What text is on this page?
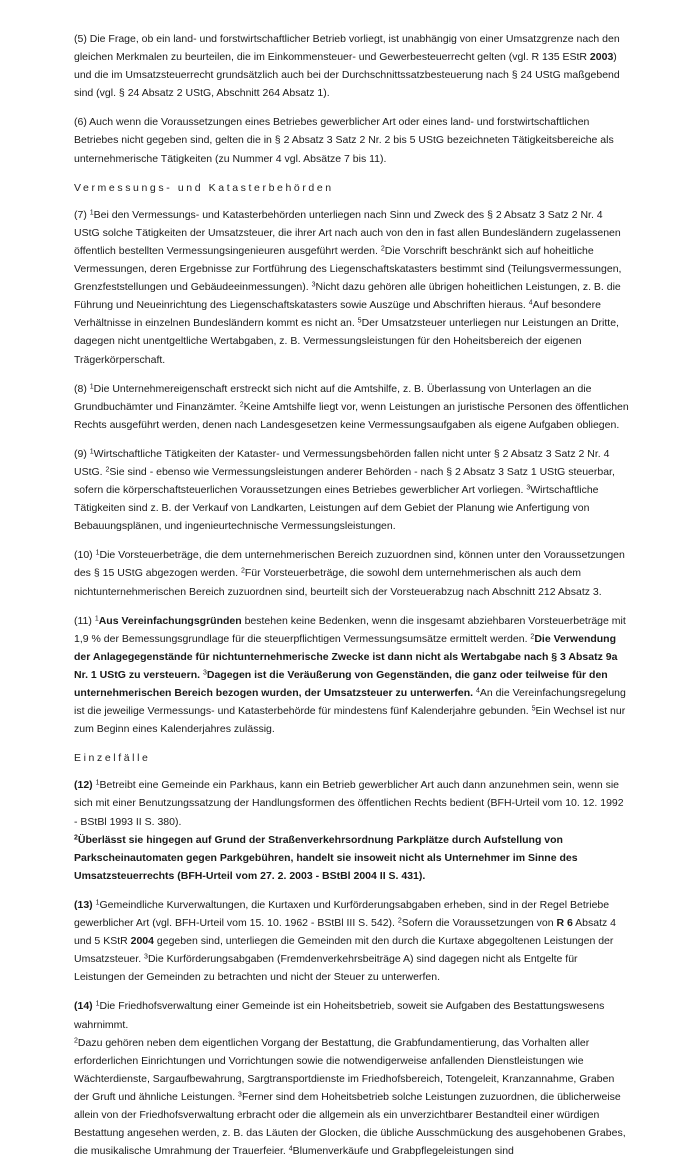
(5) Die Frage, ob ein land- und forstwirtschaftlicher Betrieb vorliegt, ist unabhängig von einer Umsatzgrenze nach den gleichen Merkmalen zu beurteilen, die im Einkommensteuer- und Gewerbesteuerrecht gelten (vgl. R 135 EStR 2003) und die im Umsatzsteuerrecht grundsätzlich auch bei der Durchschnittssatzbesteuerung nach § 24 UStG maßgebend sind (vgl. § 24 Absatz 2 UStG, Abschnitt 264 Absatz 1).

(6) Auch wenn die Voraussetzungen eines Betriebes gewerblicher Art oder eines land- und forstwirtschaftlichen Betriebes nicht gegeben sind, gelten die in § 2 Absatz 3 Satz 2 Nr. 2 bis 5 UStG bezeichneten Tätigkeitsbereiche als unternehmerische Tätigkeiten (zu Nummer 4 vgl. Absätze 7 bis 11).

Vermessungs- und Katasterbehörden

(7) $^1$Bei den Vermessungs- und Katasterbehörden unterliegen nach Sinn und Zweck des § 2 Absatz 3 Satz 2 Nr. 4 UStG solche Tätigkeiten der Umsatzsteuer, die ihrer Art nach auch von den in fast allen Bundesländern zugelassenen öffentlich bestellten Vermessungsingenieuren ausgeführt werden. $^2$Die Vorschrift beschränkt sich auf hoheitliche Vermessungen, deren Ergebnisse zur Fortführung des Liegenschaftskatasters bestimmt sind (Teilungsvermessungen, Grenzfeststellungen und Gebäudeeinmessungen). $^3$Nicht dazu gehören alle übrigen hoheitlichen Leistungen, z. B. die Führung und Neueinrichtung des Liegenschaftskatasters sowie Auszüge und Abschriften hieraus. $^4$Auf besondere Verhältnisse in einzelnen Bundesländern kommt es nicht an. $^5$Der Umsatzsteuer unterliegen nur Leistungen an Dritte, dagegen nicht unentgeltliche Wertabgaben, z. B. Vermessungsleistungen für den Hoheitsbereich der eigenen Trägerkörperschaft.

(8) $^1$Die Unternehmereigenschaft erstreckt sich nicht auf die Amtshilfe, z. B. Überlassung von Unterlagen an die Grundbuchämter und Finanzämter. $^2$Keine Amtshilfe liegt vor, wenn Leistungen an juristische Personen des öffentlichen Rechts ausgeführt werden, denen nach Landesgesetzen keine Vermessungsaufgaben als eigene Aufgaben obliegen.

(9) $^1$Wirtschaftliche Tätigkeiten der Kataster- und Vermessungsbehörden fallen nicht unter § 2 Absatz 3 Satz 2 Nr. 4 UStG. $^2$Sie sind - ebenso wie Vermessungsleistungen anderer Behörden - nach § 2 Absatz 3 Satz 1 UStG steuerbar, sofern die körperschaftsteuerlichen Voraussetzungen eines Betriebes gewerblicher Art vorliegen. $^3$Wirtschaftliche Tätigkeiten sind z. B. der Verkauf von Landkarten, Leistungen auf dem Gebiet der Planung wie Anfertigung von Bebauungsplänen, und ingenieurtechnische Vermessungsleistungen.

(10) $^1$Die Vorsteuerbeträge, die dem unternehmerischen Bereich zuzuordnen sind, können unter den Voraussetzungen des § 15 UStG abgezogen werden. $^2$Für Vorsteuerbeträge, die sowohl dem unternehmerischen als auch dem nichtunternehmerischen Bereich zuzuordnen sind, beurteilt sich der Vorsteuerabzug nach Abschnitt 212 Absatz 3.

(11) $^1$Aus Vereinfachungsgründen bestehen keine Bedenken, wenn die insgesamt abziehbaren Vorsteuerbeträge mit 1,9 % der Bemessungsgrundlage für die steuerpflichtigen Vermessungsumsätze ermittelt werden. $^2$Die Verwendung der Anlagegegenstände für nichtunternehmerische Zwecke ist dann nicht als Wertabgabe nach § 3 Absatz 9a Nr. 1 UStG zu versteuern. $^3$Dagegen ist die Veräußerung von Gegenständen, die ganz oder teilweise für den unternehmerischen Bereich bezogen wurden, der Umsatzsteuer zu unterwerfen. $^4$An die Vereinfachungsregelung ist die jeweilige Vermessungs- und Katasterbehörde für mindestens fünf Kalenderjahre gebunden. $^5$Ein Wechsel ist nur zum Beginn eines Kalenderjahres zulässig.

Einzelfälle

(12) $^1$Betreibt eine Gemeinde ein Parkhaus, kann ein Betrieb gewerblicher Art auch dann anzunehmen sein, wenn sie sich mit einer Benutzungssatzung der Handlungsformen des öffentlichen Rechts bedient (BFH-Urteil vom 10. 12. 1992 - BStBl 1993 II S. 380).
$^2$Überlässt sie hingegen auf Grund der Straßenverkehrsordnung Parkplätze durch Aufstellung von Parkscheinautomaten gegen Parkgebühren, handelt sie insoweit nicht als Unternehmer im Sinne des Umsatzsteuerrechts (BFH-Urteil vom 27. 2. 2003 - BStBl 2004 II S. 431).

(13) $^1$Gemeindliche Kurverwaltungen, die Kurtaxen und Kurförderungsabgaben erheben, sind in der Regel Betriebe gewerblicher Art (vgl. BFH-Urteil vom 15. 10. 1962 - BStBl III S. 542). $^2$Sofern die Voraussetzungen von R 6 Absatz 4 und 5 KStR 2004 gegeben sind, unterliegen die Gemeinden mit den durch die Kurtaxe abgegoltenen Leistungen der Umsatzsteuer. $^3$Die Kurförderungsabgaben (Fremdenverkehrsbeiträge A) sind dagegen nicht als Entgelte für Leistungen der Gemeinden zu betrachten und nicht der Steuer zu unterwerfen.

(14) $^1$Die Friedhofsverwaltung einer Gemeinde ist ein Hoheitsbetrieb, soweit sie Aufgaben des Bestattungswesens wahrnimmt.
$^2$Dazu gehören neben dem eigentlichen Vorgang der Bestattung, die Grabfundamentierung, das Vorhalten aller erforderlichen Einrichtungen und Vorrichtungen sowie die notwendigerweise anfallenden Dienstleistungen wie Wächterdienste, Sargaufbewahrung, Sargtransportdienste im Friedhofsbereich, Totengeleit, Kranzannahme, Graben der Gruft und ähnliche Leistungen. $^3$Ferner sind dem Hoheitsbetrieb solche Leistungen zuzuordnen, die üblicherweise allein von der Friedhofsverwaltung erbracht oder die allgemein als ein unverzichtbarer Bestandteil einer würdigen Bestattung angesehen werden, z. B. das Läuten der Glocken, die übliche Ausschmückung des ausgehobenen Grabes, die musikalische Umrahmung der Trauerfeier. $^4$Blumenverkäufe und Grabpflegeleistungen sind
